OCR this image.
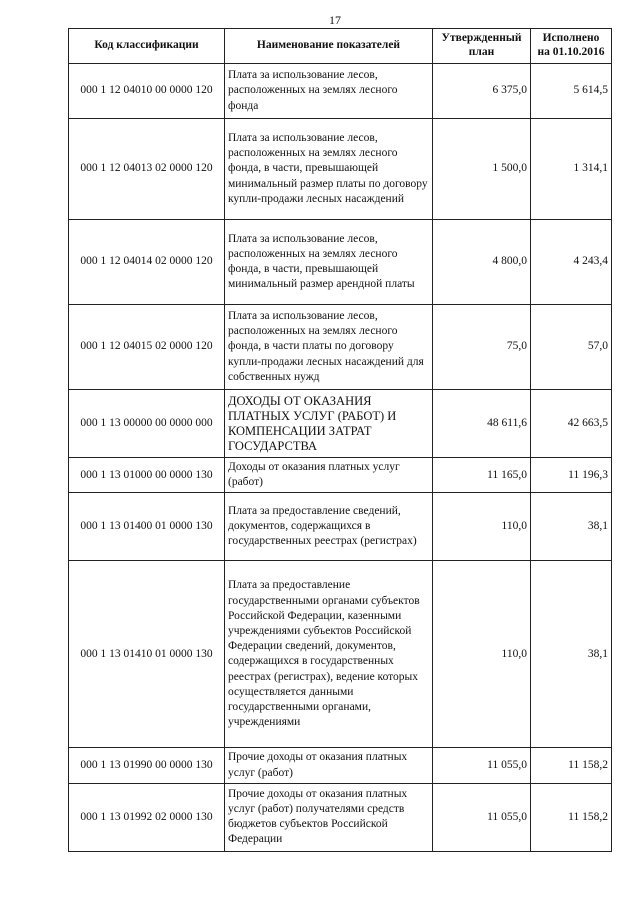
17
Код классификации	Наименование показателей	Утвержденный план	Исполнено
на 01.10.2016
000 1 12 04010 00 0000 120	Плата за использование лесов, расположенных на землях лесного фонда	6 375,0	5 614,5
000 1 12 04013 02 0000 120	Плата за использование лесов, расположенных на землях лесного фонда, в части, превышающей минимальный размер платы по договору купли-продажи лесных насаждений	1 500,0	1 314,1
000 1 12 04014 02 0000 120	Плата за использование лесов, расположенных на землях лесного фонда, в части, превышающей минимальный размер арендной платы	4 800,0	4 243,4
000 1 12 04015 02 0000 120	Плата за использование лесов, расположенных на землях лесного фонда, в части платы по договору купли-продажи лесных насаждений для собственных нужд	75,0	57,0
000 1 13 00000 00 0000 000	ДОХОДЫ ОТ ОКАЗАНИЯ ПЛАТНЫХ УСЛУГ (РАБОТ) И КОМПЕНСАЦИИ ЗАТРАТ ГОСУДАРСТВА	48 611,6	42 663,5
000 1 13 01000 00 0000 130	Доходы от оказания платных услуг (работ)	11 165,0	11 196,3
000 1 13 01400 01 0000 130	Плата за предоставление сведений, документов, содержащихся в государственных реестрах (регистрах)	110,0	38,1
000 1 13 01410 01 0000 130	Плата за предоставление государственными органами субъектов Российской Федерации, казенными учреждениями субъектов Российской Федерации сведений, документов, содержащихся в государственных реестрах (регистрах), ведение которых осуществляется данными государственными органами, учреждениями	110,0	38,1
000 1 13 01990 00 0000 130	Прочие доходы от оказания платных услуг (работ)	11 055,0	11 158,2
000 1 13 01992 02 0000 130	Прочие доходы от оказания платных услуг (работ) получателями средств бюджетов субъектов Российской Федерации	11 055,0	11 158,2
